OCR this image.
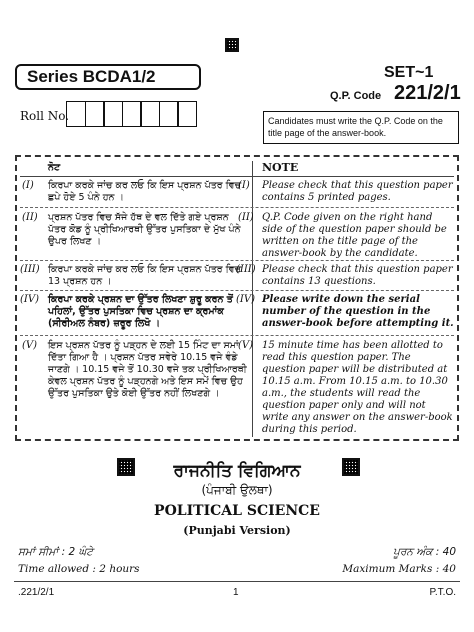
Series BCDA1/2	SET~1
Q.P. Code 221/2/1
Roll No.	Candidates must write the Q.P. Code on the title page of the answer-book.
ਨੋਟ	NOTE
(I) ਕਿਰਪਾ ਕਰਕੇ ਜਾਂਚ ਕਰ ਲਓ ਕਿ ਇਸ ਪ੍ਰਸ਼ਨ ਪੱਤਰ ਵਿਚ ਛਪੇ ਹੋਏ 5 ਪੰਨੇ ਹਨ ।
(I) Please check that this question paper contains 5 printed pages.
(II) ਪ੍ਰਸ਼ਨ ਪੱਤਰ ਵਿਚ ਸੱਜੇ ਹੱਥ ਦੇ ਵਲ ਦਿੱਤੇ ਗਏ ਪ੍ਰਸ਼ਨ ਪੱਤਰ ਕੋਡ ਨੂੰ ਪ੍ਰੀਖਿਆਰਥੀ ਉੱਤਰ ਪੁਸਤਿਕਾ ਦੇ ਮੁੱਖ ਪੰਨੇ ਉਪਰ ਲਿਖਣ ।
(II) Q.P. Code given on the right hand side of the question paper should be written on the title page of the answer-book by the candidate.
(III) ਕਿਰਪਾ ਕਰਕੇ ਜਾਂਚ ਕਰ ਲਓ ਕਿ ਇਸ ਪ੍ਰਸ਼ਨ ਪੱਤਰ ਵਿਚ 13 ਪ੍ਰਸ਼ਨ ਹਨ ।
(III) Please check that this question paper contains 13 questions.
(IV) ਕਿਰਪਾ ਕਰਕੇ ਪ੍ਰਸ਼ਨ ਦਾ ਉੱਤਰ ਲਿਖਣਾ ਸ਼ੁਰੂ ਕਰਨ ਤੋਂ ਪਹਿਲਾਂ, ਉੱਤਰ ਪੁਸਤਿਕਾ ਵਿਚ ਪ੍ਰਸ਼ਨ ਦਾ ਕ੍ਰਮਾਂਕ (ਸੀਰੀਅਲ ਨੰਬਰ) ਜ਼ਰੂਰ ਲਿਖੋ ।
(IV) Please write down the serial number of the question in the answer-book before attempting it.
(V) ਇਸ ਪ੍ਰਸ਼ਨ ਪੱਤਰ ਨੂੰ ਪੜ੍ਹਨ ਦੇ ਲਈ 15 ਮਿੰਟ ਦਾ ਸਮਾਂ ਦਿੱਤਾ ਗਿਆ ਹੈ । ਪ੍ਰਸ਼ਨ ਪੱਤਰ ਸਵੇਰੇ 10.15 ਵਜੇ ਵੰਡੇ ਜਾਣਗੇ । 10.15 ਵਜੇ ਤੋਂ 10.30 ਵਜੇ ਤਕ ਪ੍ਰੀਖਿਆਰਥੀ ਕੇਵਲ ਪ੍ਰਸ਼ਨ ਪੱਤਰ ਨੂੰ ਪੜ੍ਹਨਗੇ ਅਤੇ ਇਸ ਸਮੇਂ ਵਿਚ ਉਹ ਉੱਤਰ ਪੁਸਤਿਕਾ ਉਤੇ ਕੋਈ ਉੱਤਰ ਨਹੀਂ ਲਿਖਣਗੇ ।
(V) 15 minute time has been allotted to read this question paper. The question paper will be distributed at 10.15 a.m. From 10.15 a.m. to 10.30 a.m., the students will read the question paper only and will not write any answer on the answer-book during this period.
ਰਾਜਨੀਤਿ ਵਿਗਿਆਨ
(ਪੰਜਾਬੀ ਉਲਥਾ)
POLITICAL SCIENCE
(Punjabi Version)
ਸਮਾਂ ਸੀਮਾਂ : 2 ਘੰਟੇ	ਪੂਰਨ ਅੰਕ : 40
Time allowed : 2 hours	Maximum Marks : 40
.221/2/1	1	P.T.O.
